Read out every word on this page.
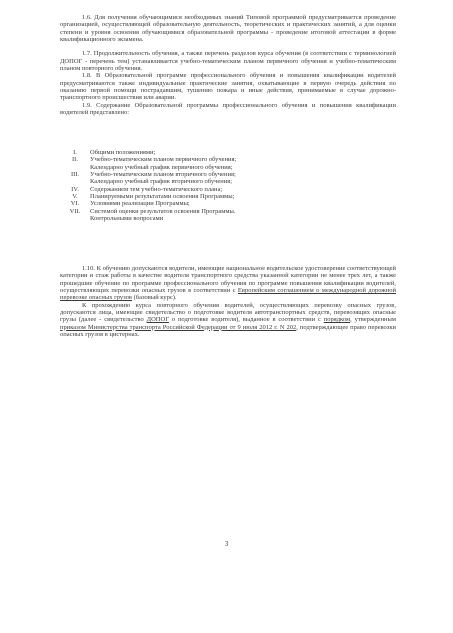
1.6. Для получения обучающимися необходимых знаний Типовой программой предусматривается проведение организацией, осуществляющей образовательную деятельность, теоретических и практических занятий, а для оценки степени и уровня освоения обучающимися образовательной программы - проведение итоговой аттестации в форме квалификационного экзамена.

1.7. Продолжительность обучения, а также перечень разделов курса обучения (в соответствии с терминологией ДОПОГ - перечень тем) устанавливается учебно-тематическим планом первичного обучения и учебно-тематическим планом повторного обучения.

1.8. В Образовательной программе профессионального обучения и повышения квалификации водителей предусматриваются также индивидуальные практические занятия, охватывающие в первую очередь действия по оказанию первой помощи пострадавшим, тушению пожара и иные действия, принимаемые в случае дорожно-транспортного происшествия или аварии.

1.9. Содержание Образовательной программы профессионального обучения и повышения квалификации водителей представлено:

I.	Общими положениями;
II.	Учебно-тематическим планом первичного обучения;
Календарно учебный график первичного обучения;
III.	Учебно-тематическим планом вторичного обучения;
Календарно учебный график вторичного обучения;
IV.	Содержанием тем учебно-тематического плана;
V.	Планируемыми результатами освоения Программы;
VI.	Условиями реализации Программы;
VII.	Системой оценки результатов освоения Программы.
Контрольными вопросами

1.10. К обучению допускаются водители, имеющие национальное водительское удостоверение соответствующей категории и стаж работы в качестве водителя транспортного средства указанной категории не менее трех лет, а также прошедшие обучение по программе профессионального обучения по программе повышения квалификации водителей, осуществляющих перевозки опасных грузов в соответствии с Европейским соглашением о международной дорожной перевозке опасных грузов (базовый курс).

К прохождению курса повторного обучения водителей, осуществляющих перевозку опасных грузов, допускаются лица, имеющие свидетельство о подготовке водителя автотранспортных средств, перевозящих опасные грузы (далее - свидетельство ДОПОГ о подготовке водителя), выданное в соответствии с порядком, утвержденным приказом Министерства транспорта Российской Федерации от 9 июля 2012 г. N 202, подтверждающее право перевозки опасных грузов в цистернах.

3
